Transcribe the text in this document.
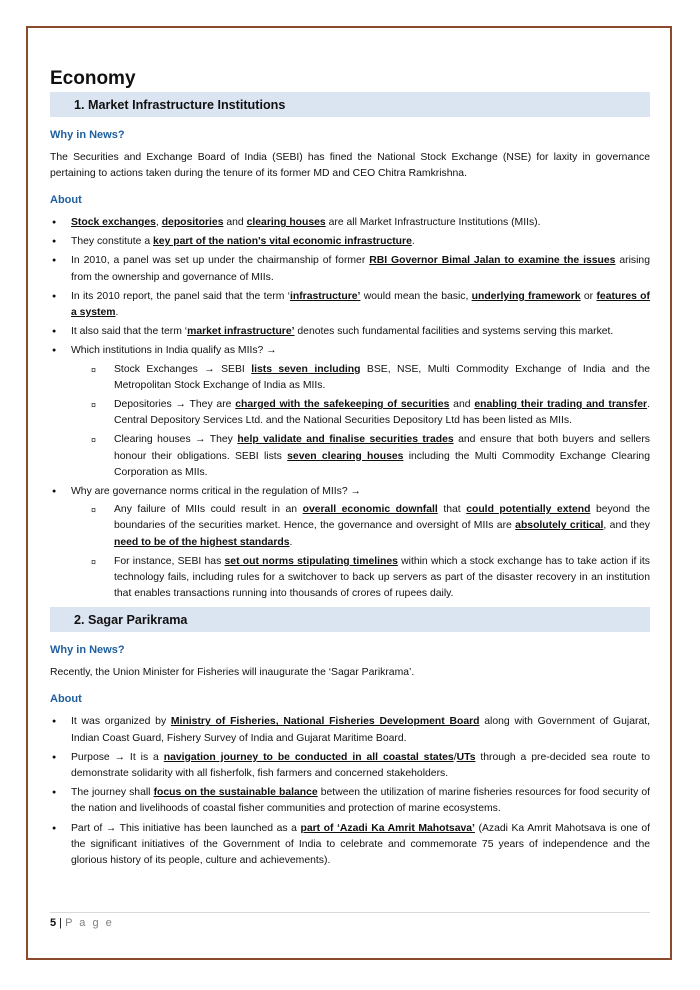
Economy
1. Market Infrastructure Institutions
Why in News?

The Securities and Exchange Board of India (SEBI) has fined the National Stock Exchange (NSE) for laxity in governance pertaining to actions taken during the tenure of its former MD and CEO Chitra Ramkrishna.

About
● Stock exchanges, depositories and clearing houses are all Market Infrastructure Institutions (MIIs).
● They constitute a key part of the nation's vital economic infrastructure.
● In 2010, a panel was set up under the chairmanship of former RBI Governor Bimal Jalan to examine the issues arising from the ownership and governance of MIIs.
● In its 2010 report, the panel said that the term ‘infrastructure’ would mean the basic, underlying framework or features of a system.
● It also said that the term ‘market infrastructure’ denotes such fundamental facilities and systems serving this market.
● Which institutions in India qualify as MIIs? →
¤ Stock Exchanges → SEBI lists seven including BSE, NSE, Multi Commodity Exchange of India and the Metropolitan Stock Exchange of India as MIIs.
¤ Depositories → They are charged with the safekeeping of securities and enabling their trading and transfer. Central Depository Services Ltd. and the National Securities Depository Ltd has been listed as MIIs.
¤ Clearing houses → They help validate and finalise securities trades and ensure that both buyers and sellers honour their obligations. SEBI lists seven clearing houses including the Multi Commodity Exchange Clearing Corporation as MIIs.
● Why are governance norms critical in the regulation of MIIs? →
¤ Any failure of MIIs could result in an overall economic downfall that could potentially extend beyond the boundaries of the securities market. Hence, the governance and oversight of MIIs are absolutely critical, and they need to be of the highest standards.
¤ For instance, SEBI has set out norms stipulating timelines within which a stock exchange has to take action if its technology fails, including rules for a switchover to back up servers as part of the disaster recovery in an institution that enables transactions running into thousands of crores of rupees daily.
2. Sagar Parikrama
Why in News?

Recently, the Union Minister for Fisheries will inaugurate the ‘Sagar Parikrama’.

About
● It was organized by Ministry of Fisheries, National Fisheries Development Board along with Government of Gujarat, Indian Coast Guard, Fishery Survey of India and Gujarat Maritime Board.
● Purpose → It is a navigation journey to be conducted in all coastal states/UTs through a pre-decided sea route to demonstrate solidarity with all fisherfolk, fish farmers and concerned stakeholders.
● The journey shall focus on the sustainable balance between the utilization of marine fisheries resources for food security of the nation and livelihoods of coastal fisher communities and protection of marine ecosystems.
● Part of → This initiative has been launched as a part of ‘Azadi Ka Amrit Mahotsava’ (Azadi Ka Amrit Mahotsava is one of the significant initiatives of the Government of India to celebrate and commemorate 75 years of independence and the glorious history of its people, culture and achievements).
5 | P a g e
